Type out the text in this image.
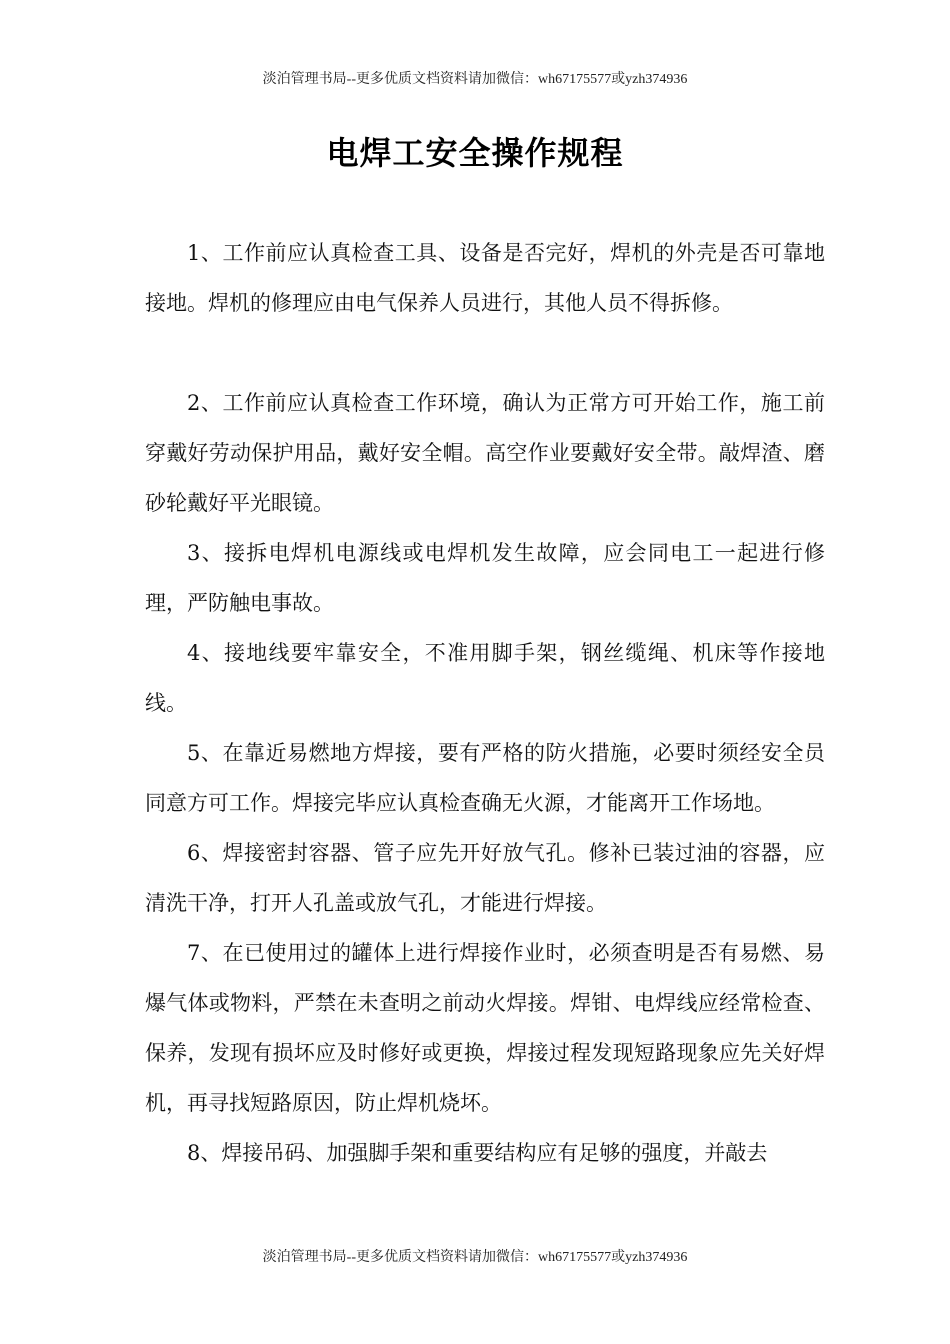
淡泊管理书局--更多优质文档资料请加微信：wh67175577或yzh374936
电焊工安全操作规程

1、工作前应认真检查工具、设备是否完好，焊机的外壳是否可靠地接地。焊机的修理应由电气保养人员进行，其他人员不得拆修。

2、工作前应认真检查工作环境，确认为正常方可开始工作，施工前穿戴好劳动保护用品，戴好安全帽。高空作业要戴好安全带。敲焊渣、磨砂轮戴好平光眼镜。

3、接拆电焊机电源线或电焊机发生故障，应会同电工一起进行修理，严防触电事故。

4、接地线要牢靠安全，不准用脚手架，钢丝缆绳、机床等作接地线。

5、在靠近易燃地方焊接，要有严格的防火措施，必要时须经安全员同意方可工作。焊接完毕应认真检查确无火源，才能离开工作场地。

6、焊接密封容器、管子应先开好放气孔。修补已装过油的容器，应清洗干净，打开人孔盖或放气孔，才能进行焊接。

7、在已使用过的罐体上进行焊接作业时，必须查明是否有易燃、易爆气体或物料，严禁在未查明之前动火焊接。焊钳、电焊线应经常检查、保养，发现有损坏应及时修好或更换，焊接过程发现短路现象应先关好焊机，再寻找短路原因，防止焊机烧坏。

8、焊接吊码、加强脚手架和重要结构应有足够的强度，并敲去

淡泊管理书局--更多优质文档资料请加微信：wh67175577或yzh374936
